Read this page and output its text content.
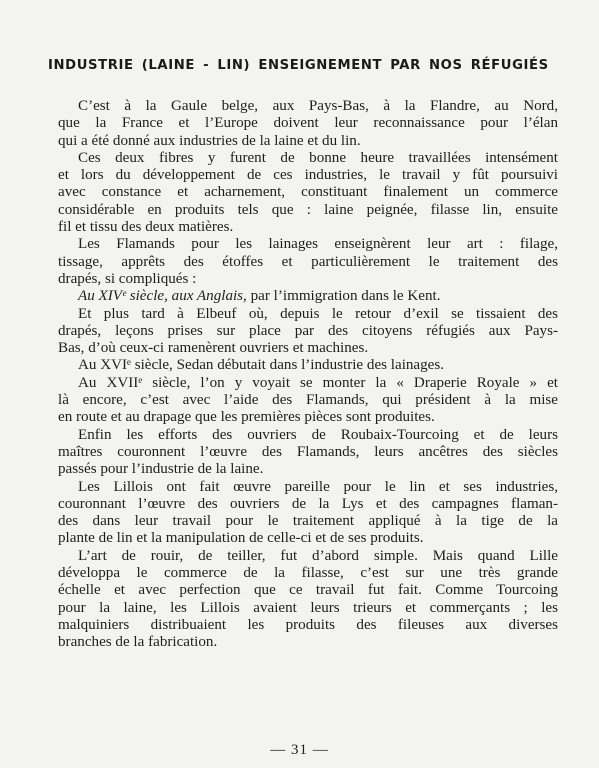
INDUSTRIE (LAINE - LIN) ENSEIGNEMENT PAR NOS RÉFUGIÉS
C’est à la Gaule belge, aux Pays-Bas, à la Flandre, au Nord,
que la France et l’Europe doivent leur reconnaissance pour l’élan
qui a été donné aux industries de la laine et du lin.
Ces deux fibres y furent de bonne heure travaillées intensément
et lors du développement de ces industries, le travail y fût poursuivi
avec constance et acharnement, constituant finalement un commerce
considérable en produits tels que : laine peignée, filasse lin, ensuite
fil et tissu des deux matières.
Les Flamands pour les lainages enseignèrent leur art : filage,
tissage, apprêts des étoffes et particulièrement le traitement des
drapés, si compliqués :
Au XIVᵉ siècle, aux Anglais, par l’immigration dans le Kent.
Et plus tard à Elbeuf où, depuis le retour d’exil se tissaient des
drapés, leçons prises sur place par des citoyens réfugiés aux Pays-
Bas, d’où ceux-ci ramenèrent ouvriers et machines.
Au XVIᵉ siècle, Sedan débutait dans l’industrie des lainages.
Au XVIIᵉ siècle, l’on y voyait se monter la « Draperie Royale » et
là encore, c’est avec l’aide des Flamands, qui président à la mise
en route et au drapage que les premières pièces sont produites.
Enfin les efforts des ouvriers de Roubaix-Tourcoing et de leurs
maîtres couronnent l’œuvre des Flamands, leurs ancêtres des siècles
passés pour l’industrie de la laine.
Les Lillois ont fait œuvre pareille pour le lin et ses industries,
couronnant l’œuvre des ouvriers de la Lys et des campagnes flaman-
des dans leur travail pour le traitement appliqué à la tige de la
plante de lin et la manipulation de celle-ci et de ses produits.
L’art de rouir, de teiller, fut d’abord simple. Mais quand Lille
développa le commerce de la filasse, c’est sur une très grande
échelle et avec perfection que ce travail fut fait. Comme Tourcoing
pour la laine, les Lillois avaient leurs trieurs et commerçants ; les
malquiniers distribuaient les produits des fileuses aux diverses
branches de la fabrication.
— 31 —
